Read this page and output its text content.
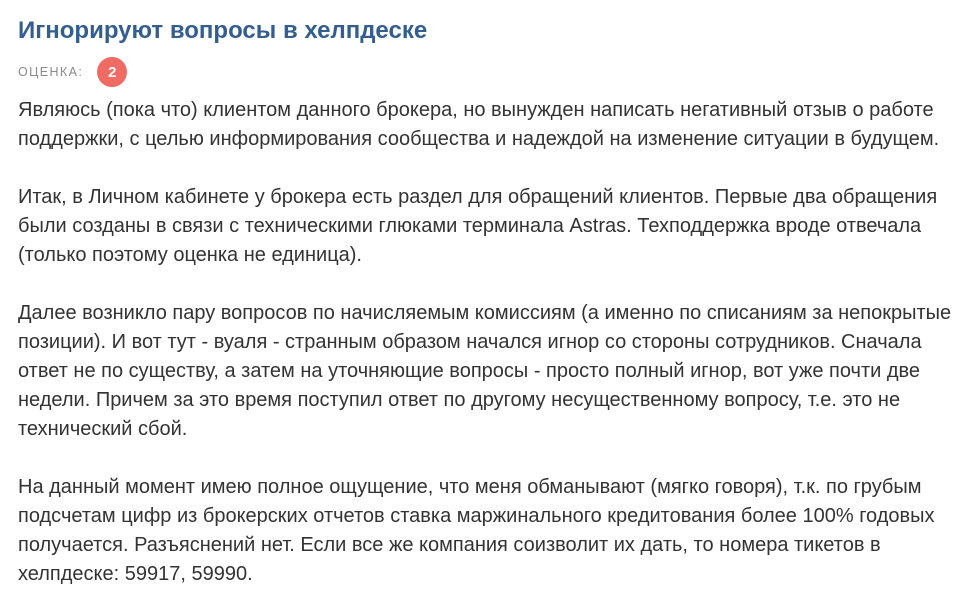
Игнорируют вопросы в хелпдеске
ОЦЕНКА:	2

Являюсь (пока что) клиентом данного брокера, но вынужден написать негативный отзыв о работе поддержки, с целью информирования сообщества и надеждой на изменение ситуации в будущем.

Итак, в Личном кабинете у брокера есть раздел для обращений клиентов. Первые два обращения были созданы в связи с техническими глюками терминала Astras. Техподдержка вроде отвечала (только поэтому оценка не единица).

Далее возникло пару вопросов по начисляемым комиссиям (а именно по списаниям за непокрытые позиции). И вот тут - вуаля - странным образом начался игнор со стороны сотрудников. Сначала ответ не по существу, а затем на уточняющие вопросы - просто полный игнор, вот уже почти две недели. Причем за это время поступил ответ по другому несущественному вопросу, т.е. это не технический сбой.

На данный момент имею полное ощущение, что меня обманывают (мягко говоря), т.к. по грубым подсчетам цифр из брокерских отчетов ставка маржинального кредитования более 100% годовых получается. Разъяснений нет. Если все же компания соизволит их дать, то номера тикетов в хелпдеске: 59917, 59990.
